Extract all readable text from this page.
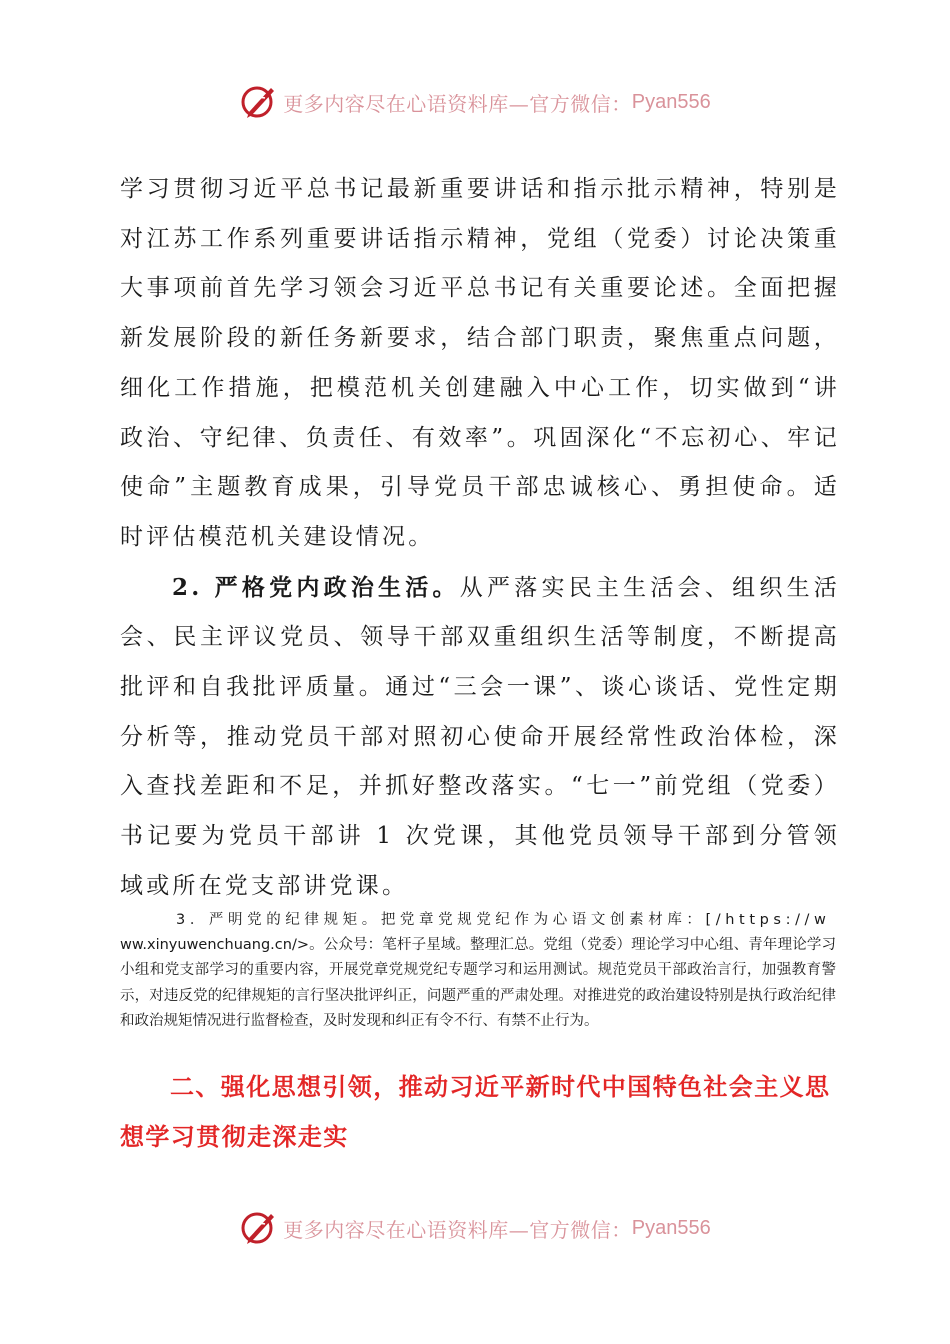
更多内容尽在心语资料库—官方微信： Pyan556

学习贯彻习近平总书记最新重要讲话和指示批示精神，特别是对江苏工作系列重要讲话指示精神，党组（党委）讨论决策重大事项前首先学习领会习近平总书记有关重要论述。全面把握新发展阶段的新任务新要求，结合部门职责，聚焦重点问题，细化工作措施，把模范机关创建融入中心工作，切实做到“讲政治、守纪律、负责任、有效率”。巩固深化“不忘初心、牢记使命”主题教育成果，引导党员干部忠诚核心、勇担使命。适时评估模范机关建设情况。

2. 严格党内政治生活。从严落实民主生活会、组织生活会、民主评议党员、领导干部双重组织生活等制度，不断提高批评和自我批评质量。通过“三会一课”、谈心谈话、党性定期分析等，推动党员干部对照初心使命开展经常性政治体检，深入查找差距和不足，并抓好整改落实。“七一”前党组（党委）书记要为党员干部讲 1 次党课，其他党员领导干部到分管领域或所在党支部讲党课。

3．严明党的纪律规矩。把党章党规党纪作为心语文创素材库：[/https://www.xinyuwenchuang.cn/>。公众号：笔杆子星域。整理汇总。党组（党委）理论学习中心组、青年理论学习小组和党支部学习的重要内容，开展党章党规党纪专题学习和运用测试。规范党员干部政治言行，加强教育警示，对违反党的纪律规矩的言行坚决批评纠正，问题严重的严肃处理。对推进党的政治建设特别是执行政治纪律和政治规矩情况进行监督检查，及时发现和纠正有令不行、有禁不止行为。

二、强化思想引领，推动习近平新时代中国特色社会主义思想学习贯彻走深走实
更多内容尽在心语资料库—官方微信： Pyan556
